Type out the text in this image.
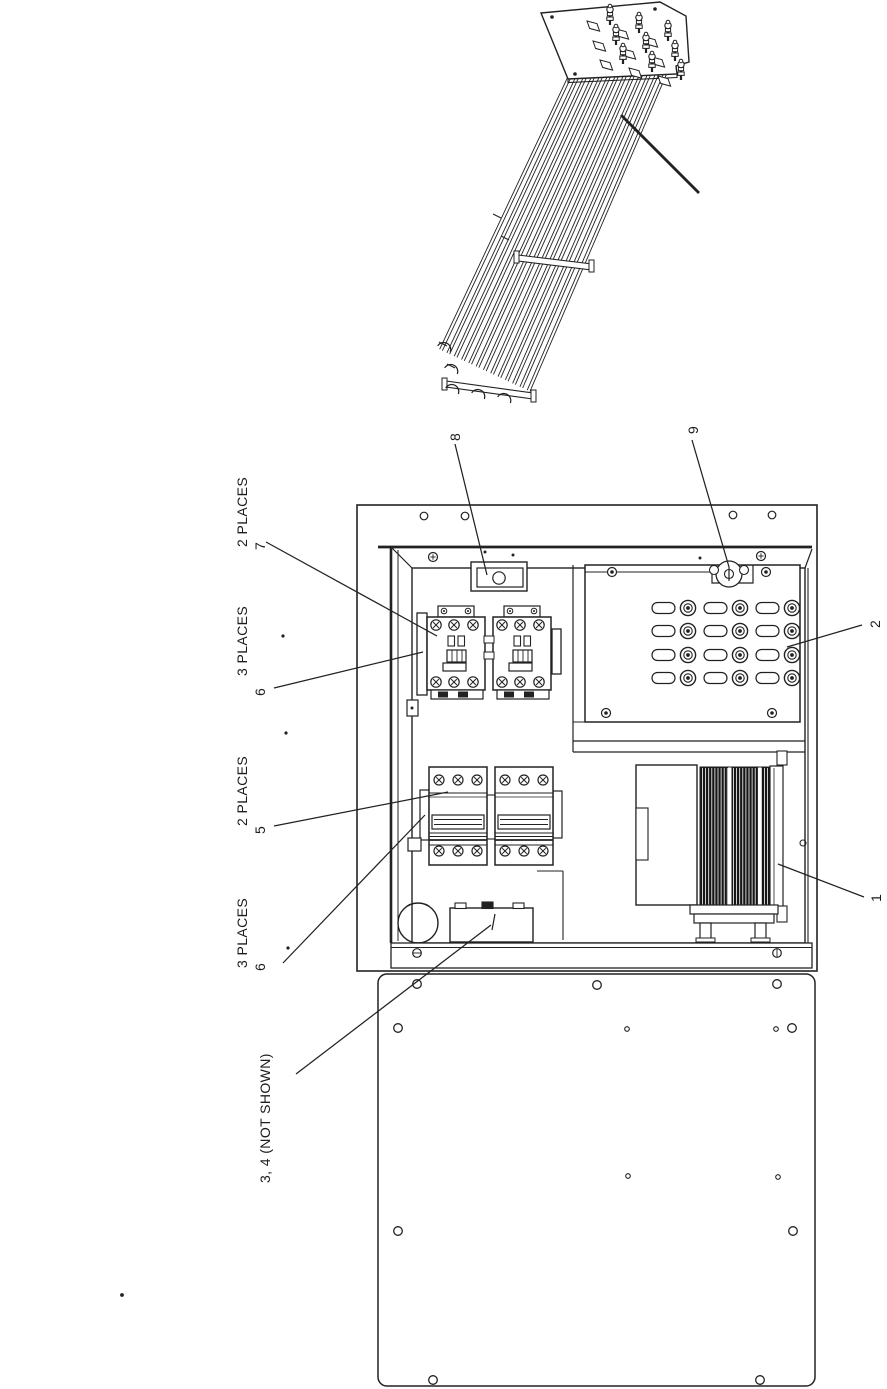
2 PLACES 7
3 PLACES
6
2 PLACES
5
3 PLACES 6
3, 4 (NOT SHOWN)
8
9
2
1
